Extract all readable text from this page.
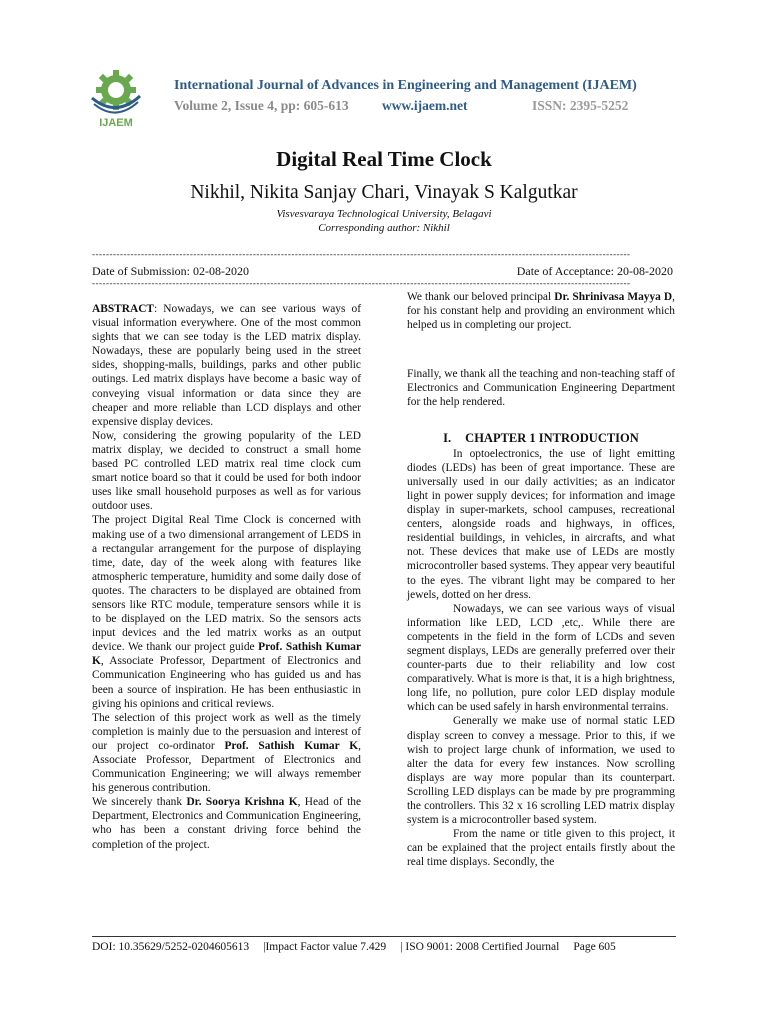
IJAEM
International Journal of Advances in Engineering and Management (IJAEM)
Volume 2, Issue 4, pp: 605-613 www.ijaem.net	ISSN: 2395-5252
Digital Real Time Clock
Nikhil, Nikita Sanjay Chari, Vinayak S Kalgutkar
Visvesvaraya Technological University, Belagavi
Corresponding author: Nikhil
----------------------------------------------------------------------------------------------------------------------------------------------------------
Date of Submission: 02-08-2020	Date of Acceptance: 20-08-2020
----------------------------------------------------------------------------------------------------------------------------------------------------------

ABSTRACT: Nowadays, we can see various ways of visual information everywhere. One of the most common sights that we can see today is the LED matrix display. Nowadays, these are popularly being used in the street sides, shopping-malls, buildings, parks and other public outings. Led matrix displays have become a basic way of conveying visual information or data since they are cheaper and more reliable than LCD displays and other expensive display devices.

Now, considering the growing popularity of the LED matrix display, we decided to construct a small home based PC controlled LED matrix real time clock cum smart notice board so that it could be used for both indoor uses like small household purposes as well as for various outdoor uses.

The project Digital Real Time Clock is concerned with making use of a two dimensional arrangement of LEDS in a rectangular arrangement for the purpose of displaying time, date, day of the week along with features like atmospheric temperature, humidity and some daily dose of quotes. The characters to be displayed are obtained from sensors like RTC module, temperature sensors while it is to be displayed on the LED matrix. So the sensors acts input devices and the led matrix works as an output device. We thank our project guide Prof. Sathish Kumar K, Associate Professor, Department of Electronics and Communication Engineering who has guided us and has been a source of inspiration. He has been enthusiastic in giving his opinions and critical reviews.

The selection of this project work as well as the timely completion is mainly due to the persuasion and interest of our project co-ordinator Prof. Sathish Kumar K, Associate Professor, Department of Electronics and Communication Engineering; we will always remember his generous contribution.

We sincerely thank Dr. Soorya Krishna K, Head of the Department, Electronics and Communication Engineering, who has been a constant driving force behind the completion of the project.

We thank our beloved principal Dr. Shrinivasa Mayya D, for his constant help and providing an environment which helped us in completing our project.

Finally, we thank all the teaching and non-teaching staff of Electronics and Communication Engineering Department for the help rendered.

I. CHAPTER 1 INTRODUCTION

In optoelectronics, the use of light emitting diodes (LEDs) has been of great importance. These are universally used in our daily activities; as an indicator light in power supply devices; for information and image display in super-markets, school campuses, recreational centers, alongside roads and highways, in offices, residential buildings, in vehicles, in aircrafts, and what not. These devices that make use of LEDs are mostly microcontroller based systems. They appear very beautiful to the eyes. The vibrant light may be compared to her jewels, dotted on her dress.

Nowadays, we can see various ways of visual information like LED, LCD ,etc,. While there are competents in the field in the form of LCDs and seven segment displays, LEDs are generally preferred over their counter-parts due to their reliability and low cost comparatively. What is more is that, it is a high brightness, long life, no pollution, pure color LED display module which can be used safely in harsh environmental terrains.

Generally we make use of normal static LED display screen to convey a message. Prior to this, if we wish to project large chunk of information, we used to alter the data for every few instances. Now scrolling displays are way more popular than its counterpart. Scrolling LED displays can be made by pre programming the controllers. This 32 x 16 scrolling LED matrix display system is a microcontroller based system.

From the name or title given to this project, it can be explained that the project entails firstly about the real time displays. Secondly, the

DOI: 10.35629/5252-0204605613 |Impact Factor value 7.429 | ISO 9001: 2008 Certified Journal Page 605
